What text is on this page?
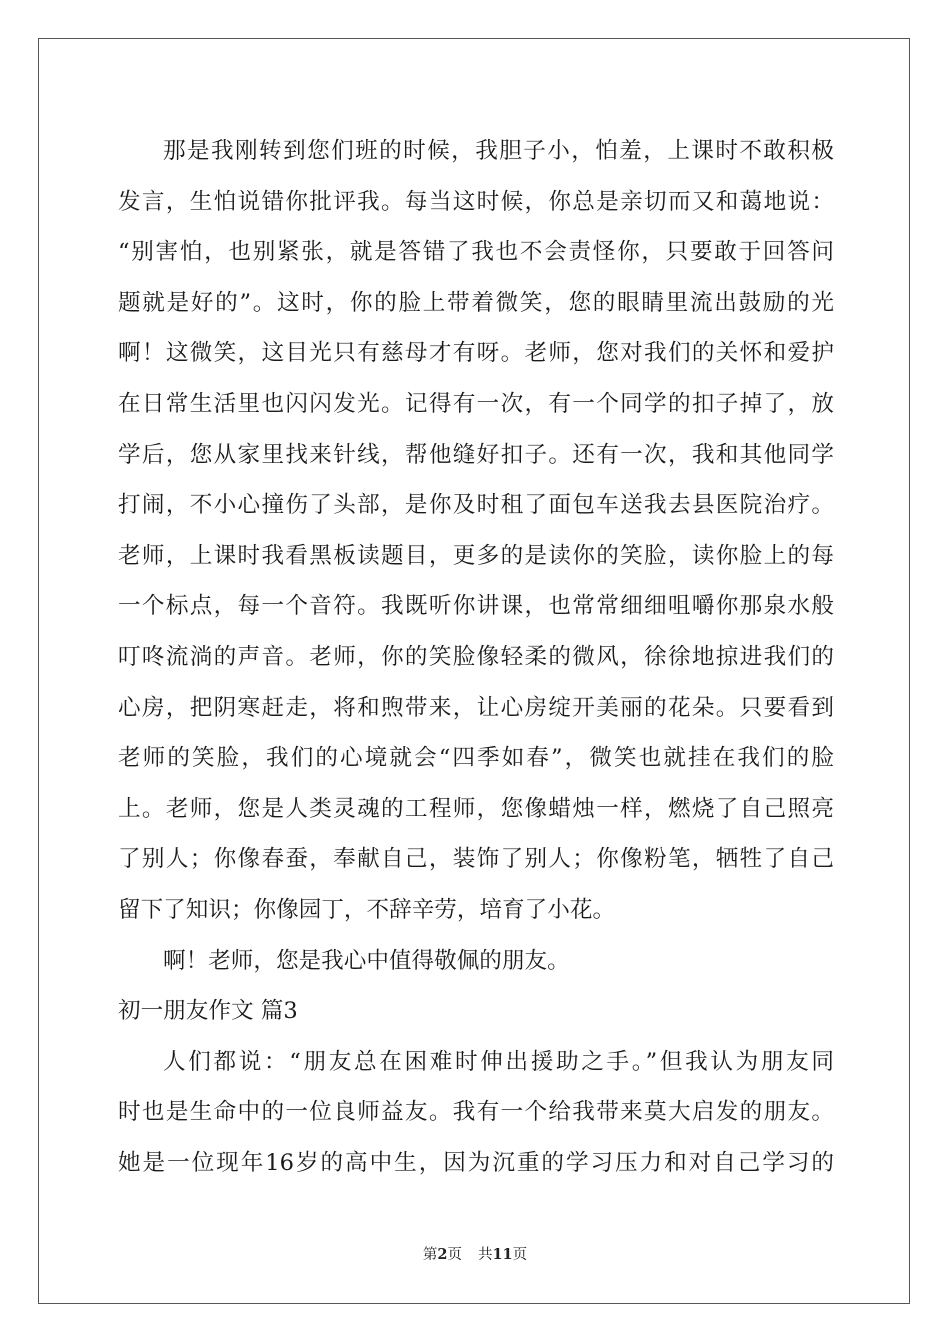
那是我刚转到您们班的时候，我胆子小，怕羞，上课时不敢积极
发言，生怕说错你批评我。每当这时候，你总是亲切而又和蔼地说：
“别害怕，也别紧张，就是答错了我也不会责怪你，只要敢于回答问
题就是好的”。这时，你的脸上带着微笑，您的眼睛里流出鼓励的光
啊！这微笑，这目光只有慈母才有呀。老师，您对我们的关怀和爱护
在日常生活里也闪闪发光。记得有一次，有一个同学的扣子掉了，放
学后，您从家里找来针线，帮他缝好扣子。还有一次，我和其他同学
打闹，不小心撞伤了头部，是你及时租了面包车送我去县医院治疗。
老师，上课时我看黑板读题目，更多的是读你的笑脸，读你脸上的每
一个标点，每一个音符。我既听你讲课，也常常细细咀嚼你那泉水般
叮咚流淌的声音。老师，你的笑脸像轻柔的微风，徐徐地掠进我们的
心房，把阴寒赶走，将和煦带来，让心房绽开美丽的花朵。只要看到
老师的笑脸，我们的心境就会“四季如春”，微笑也就挂在我们的脸
上。老师，您是人类灵魂的工程师，您像蜡烛一样，燃烧了自己照亮
了别人；你像春蚕，奉献自己，装饰了别人；你像粉笔，牺牲了自己
留下了知识；你像园丁，不辞辛劳，培育了小花。
啊！老师，您是我心中值得敬佩的朋友。
初一朋友作文 篇3
人们都说：“朋友总在困难时伸出援助之手。”但我认为朋友同
时也是生命中的一位良师益友。我有一个给我带来莫大启发的朋友。
她是一位现年16岁的高中生，因为沉重的学习压力和对自己学习的
第2页 共11页
